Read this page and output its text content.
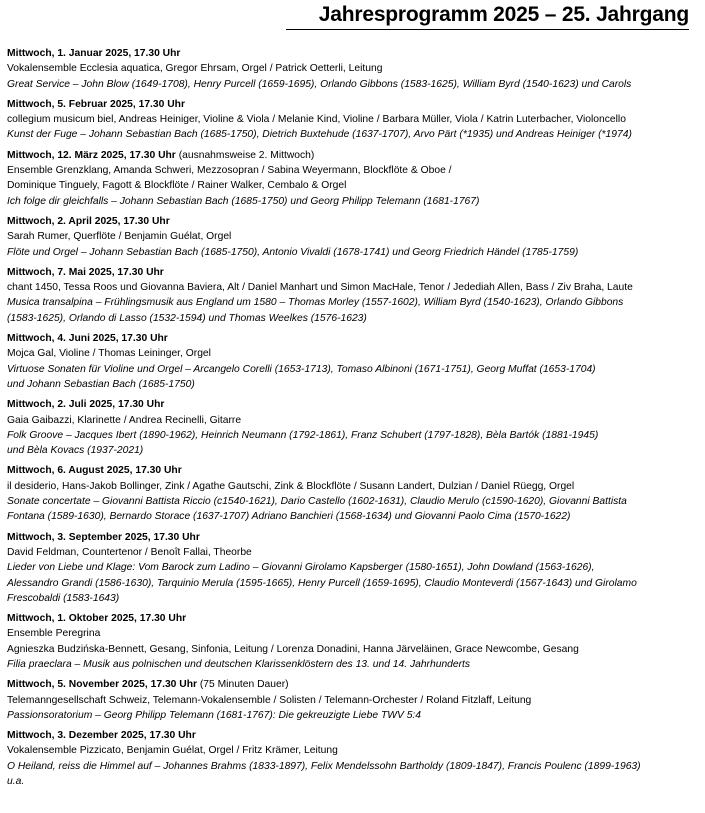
Jahresprogramm 2025 – 25. Jahrgang
Mittwoch, 1. Januar 2025, 17.30 Uhr
Vokalensemble Ecclesia aquatica, Gregor Ehrsam, Orgel / Patrick Oetterli, Leitung
Great Service – John Blow (1649-1708), Henry Purcell (1659-1695), Orlando Gibbons (1583-1625), William Byrd (1540-1623) und Carols
Mittwoch, 5. Februar 2025, 17.30 Uhr
collegium musicum biel, Andreas Heiniger, Violine & Viola / Melanie Kind, Violine / Barbara Müller, Viola / Katrin Luterbacher, Violoncello
Kunst der Fuge – Johann Sebastian Bach (1685-1750), Dietrich Buxtehude (1637-1707), Arvo Pärt (*1935) und Andreas Heiniger (*1974)
Mittwoch, 12. März 2025, 17.30 Uhr (ausnahmsweise 2. Mittwoch)
Ensemble Grenzklang, Amanda Schweri, Mezzosopran / Sabina Weyermann, Blockflöte & Oboe /
Dominique Tinguely, Fagott & Blockflöte / Rainer Walker, Cembalo & Orgel
Ich folge dir gleichfalls – Johann Sebastian Bach (1685-1750) und Georg Philipp Telemann (1681-1767)
Mittwoch, 2. April 2025, 17.30 Uhr
Sarah Rumer, Querflöte / Benjamin Guélat, Orgel
Flöte und Orgel – Johann Sebastian Bach (1685-1750), Antonio Vivaldi (1678-1741) und Georg Friedrich Händel (1785-1759)
Mittwoch, 7. Mai 2025, 17.30 Uhr
chant 1450, Tessa Roos und Giovanna Baviera, Alt / Daniel Manhart und Simon MacHale, Tenor / Jedediah Allen, Bass / Ziv Braha, Laute
Musica transalpina – Frühlingsmusik aus England um 1580 – Thomas Morley (1557-1602), William Byrd (1540-1623), Orlando Gibbons
(1583-1625), Orlando di Lasso (1532-1594) und Thomas Weelkes (1576-1623)
Mittwoch, 4. Juni 2025, 17.30 Uhr
Mojca Gal, Violine / Thomas Leininger, Orgel
Virtuose Sonaten für Violine und Orgel – Arcangelo Corelli (1653-1713), Tomaso Albinoni (1671-1751), Georg Muffat (1653-1704)
und Johann Sebastian Bach (1685-1750)
Mittwoch, 2. Juli 2025, 17.30 Uhr
Gaia Gaibazzi, Klarinette / Andrea Recinelli, Gitarre
Folk Groove – Jacques Ibert (1890-1962), Heinrich Neumann (1792-1861), Franz Schubert (1797-1828), Bèla Bartók (1881-1945)
und Bèla Kovacs (1937-2021)
Mittwoch, 6. August 2025, 17.30 Uhr
il desiderio, Hans-Jakob Bollinger, Zink / Agathe Gautschi, Zink & Blockflöte / Susann Landert, Dulzian / Daniel Rüegg, Orgel
Sonate concertate – Giovanni Battista Riccio (c1540-1621), Dario Castello (1602-1631), Claudio Merulo (c1590-1620), Giovanni Battista
Fontana (1589-1630), Bernardo Storace (1637-1707) Adriano Banchieri (1568-1634) und Giovanni Paolo Cima (1570-1622)
Mittwoch, 3. September 2025, 17.30 Uhr
David Feldman, Countertenor / Benoît Fallai, Theorbe
Lieder von Liebe und Klage: Vom Barock zum Ladino – Giovanni Girolamo Kapsberger (1580-1651), John Dowland (1563-1626),
Alessandro Grandi (1586-1630), Tarquinio Merula (1595-1665), Henry Purcell (1659-1695), Claudio Monteverdi (1567-1643) und Girolamo
Frescobaldi (1583-1643)
Mittwoch, 1. Oktober 2025, 17.30 Uhr
Ensemble Peregrina
Agnieszka Budzińska-Bennett, Gesang, Sinfonia, Leitung / Lorenza Donadini, Hanna Järveläinen, Grace Newcombe, Gesang
Filia praeclara – Musik aus polnischen und deutschen Klarissenklöstern des 13. und 14. Jahrhunderts
Mittwoch, 5. November 2025, 17.30 Uhr (75 Minuten Dauer)
Telemanngesellschaft Schweiz, Telemann-Vokalensemble / Solisten / Telemann-Orchester / Roland Fitzlaff, Leitung
Passionsoratorium – Georg Philipp Telemann (1681-1767): Die gekreuzigte Liebe TWV 5:4
Mittwoch, 3. Dezember 2025, 17.30 Uhr
Vokalensemble Pizzicato, Benjamin Guélat, Orgel / Fritz Krämer, Leitung
O Heiland, reiss die Himmel auf – Johannes Brahms (1833-1897), Felix Mendelssohn Bartholdy (1809-1847), Francis Poulenc (1899-1963)
u.a.
